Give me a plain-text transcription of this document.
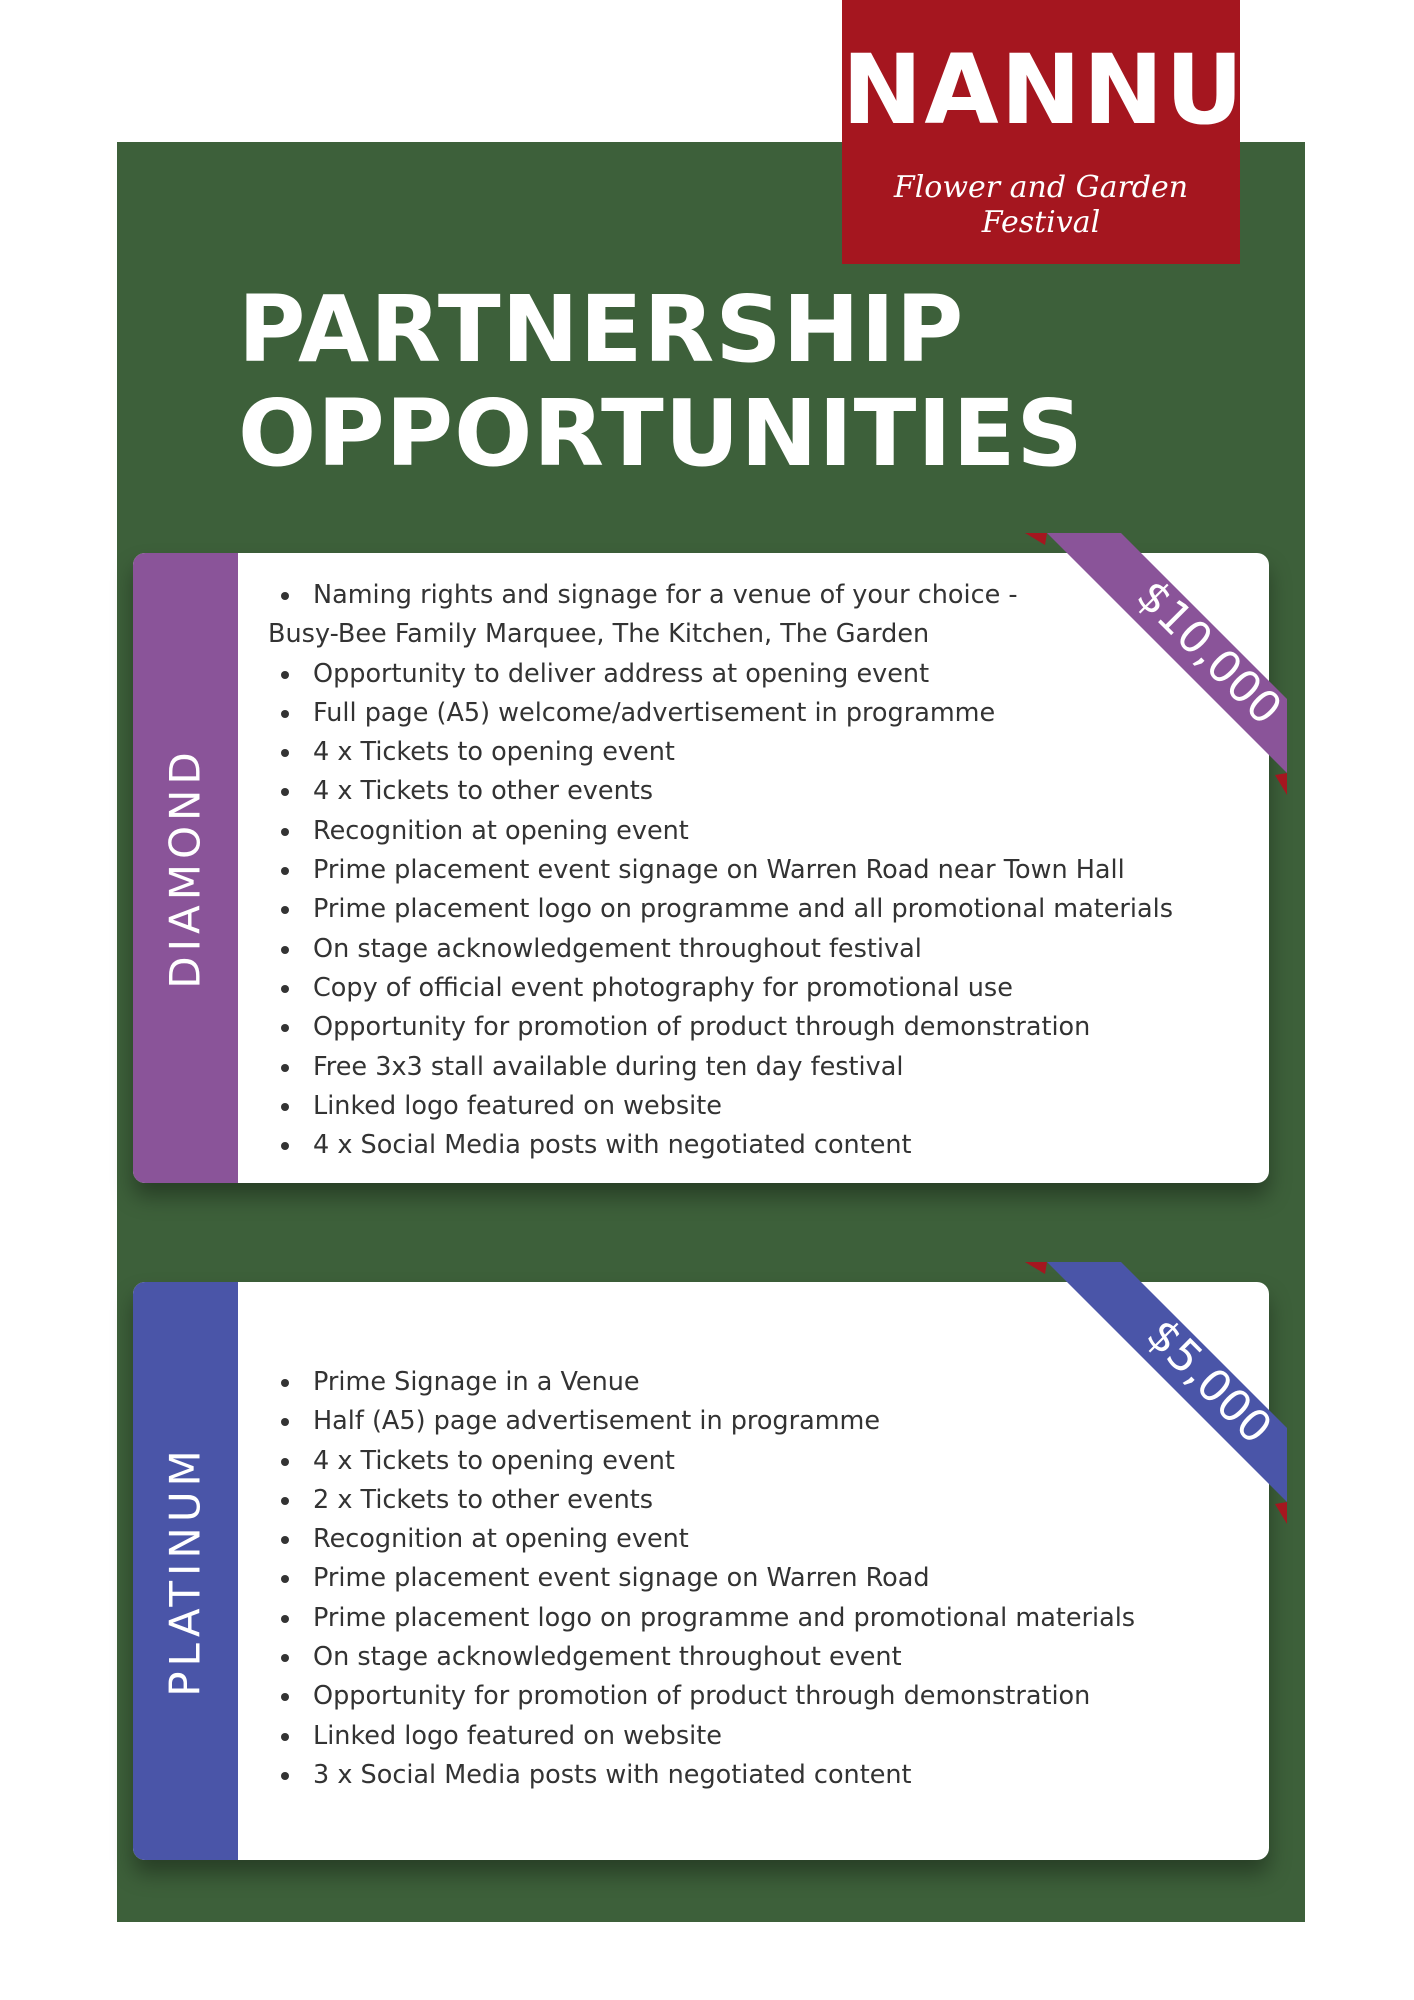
NANNUP
Flower and Garden Festival
PARTNERSHIP
OPPORTUNITIES
DIAMOND
Naming rights and signage for a venue of your choice -
Busy-Bee Family Marquee, The Kitchen, The Garden
Opportunity to deliver address at opening event
Full page (A5) welcome/advertisement in programme
4 x Tickets to opening event
4 x Tickets to other events
Recognition at opening event
Prime placement event signage on Warren Road near Town Hall
Prime placement logo on programme and all promotional materials
On stage acknowledgement throughout festival
Copy of official event photography for promotional use
Opportunity for promotion of product through demonstration
Free 3x3 stall available during ten day festival
Linked logo featured on website
4 x Social Media posts with negotiated content
$10,000
PLATINUM
Prime Signage in a Venue
Half (A5) page advertisement in programme
4 x Tickets to opening event
2 x Tickets to other events
Recognition at opening event
Prime placement event signage on Warren Road
Prime placement logo on programme and promotional materials
On stage acknowledgement throughout event
Opportunity for promotion of product through demonstration
Linked logo featured on website
3 x Social Media posts with negotiated content
$5,000
